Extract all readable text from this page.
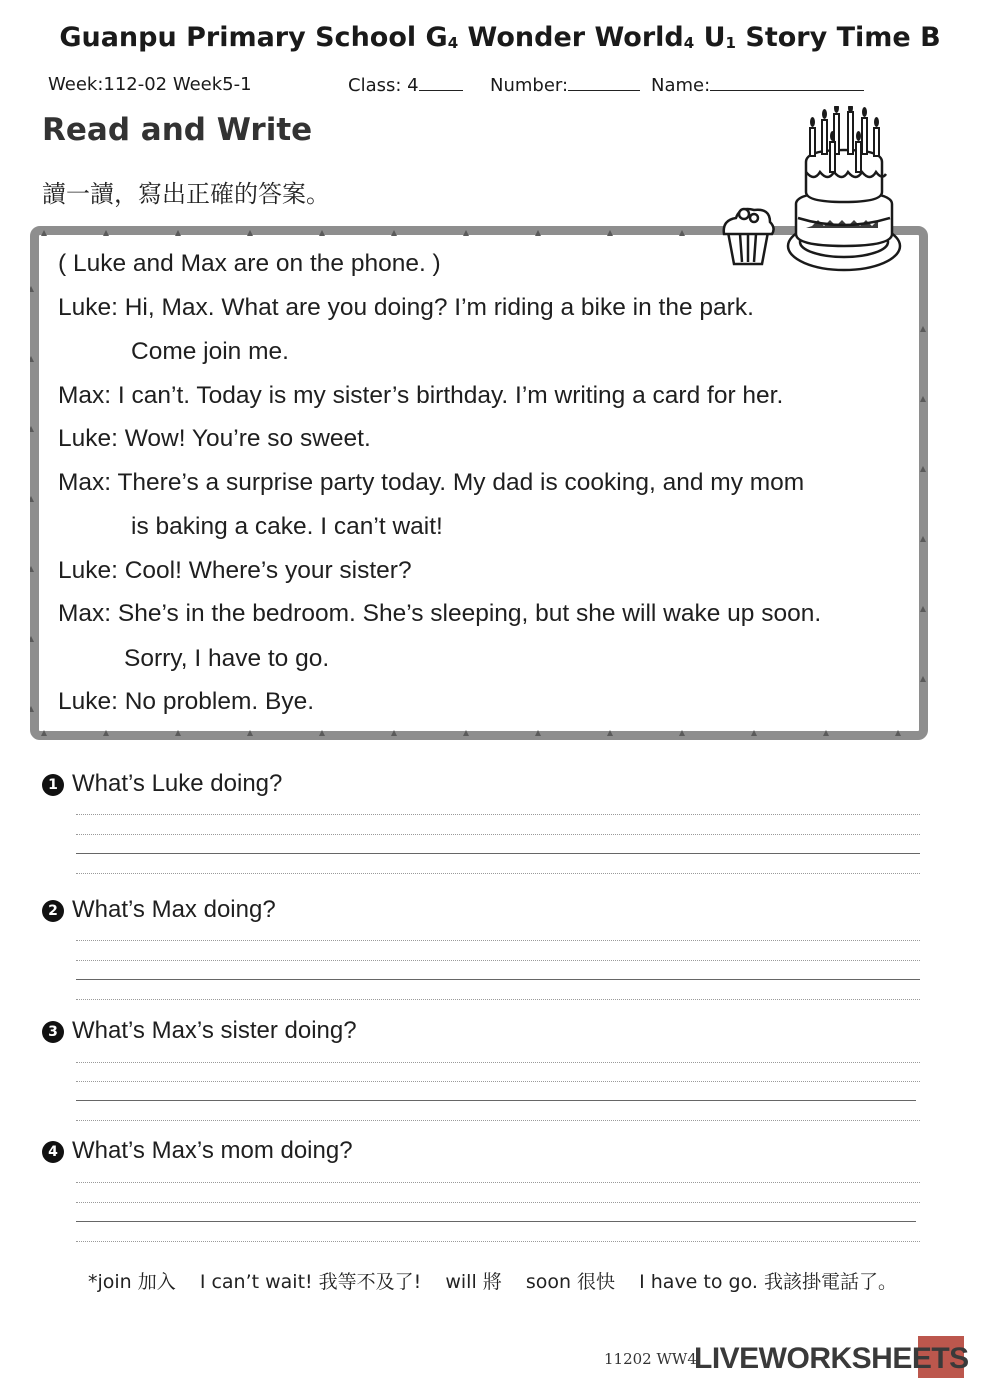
Guanpu Primary School $G_4$ Wonder World$_4$ $U_1$ Story Time B
Week:112-02 Week5-1	Class: 4	Number:	Name:
Read and Write
讀一讀，寫出正確的答案。
( Luke and Max are on the phone. )
Luke: Hi, Max. What are you doing? I’m riding a bike in the park.
Come join me.
Max: I can’t. Today is my sister’s birthday. I’m writing a card for her.
Luke: Wow! You’re so sweet.
Max: There’s a surprise party today. My dad is cooking, and my mom
is baking a cake. I can’t wait!
Luke: Cool! Where’s your sister?
Max: She’s in the bedroom. She’s sleeping, but she will wake up soon.
Sorry, I have to go.
Luke: No problem. Bye.
1 What’s Luke doing?
2 What’s Max doing?
3 What’s Max’s sister doing?
4 What’s Max’s mom doing?
*join 加入 I can’t wait! 我等不及了! will 將 soon 很快 I have to go. 我該掛電話了。
11202 WW4
LIVEWORKSHEETS
